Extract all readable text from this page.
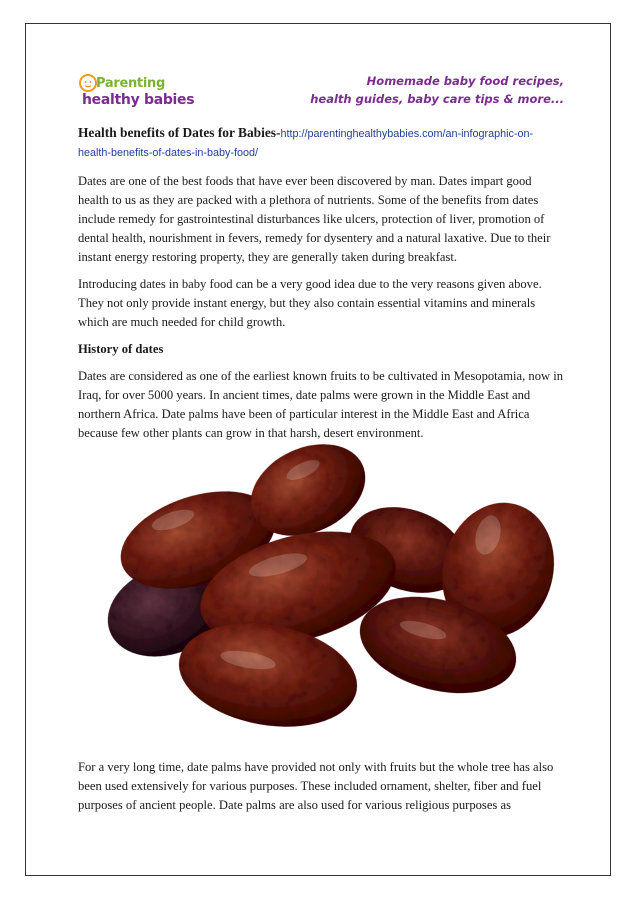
Parenting
healthy babies
Homemade baby food recipes,
health guides, baby care tips & more...
Health benefits of Dates for Babies-http://parentinghealthybabies.com/an-infographic-on-health-benefits-of-dates-in-baby-food/

Dates are one of the best foods that have ever been discovered by man. Dates impart good health to us as they are packed with a plethora of nutrients. Some of the benefits from dates include remedy for gastrointestinal disturbances like ulcers, protection of liver, promotion of dental health, nourishment in fevers, remedy for dysentery and a natural laxative. Due to their instant energy restoring property, they are generally taken during breakfast.

Introducing dates in baby food can be a very good idea due to the very reasons given above. They not only provide instant energy, but they also contain essential vitamins and minerals which are much needed for child growth.

History of dates

Dates are considered as one of the earliest known fruits to be cultivated in Mesopotamia, now in Iraq, for over 5000 years. In ancient times, date palms were grown in the Middle East and northern Africa. Date palms have been of particular interest in the Middle East and Africa because few other plants can grow in that harsh, desert environment.

For a very long time, date palms have provided not only with fruits but the whole tree has also been used extensively for various purposes. These included ornament, shelter, fiber and fuel purposes of ancient people. Date palms are also used for various religious purposes as
